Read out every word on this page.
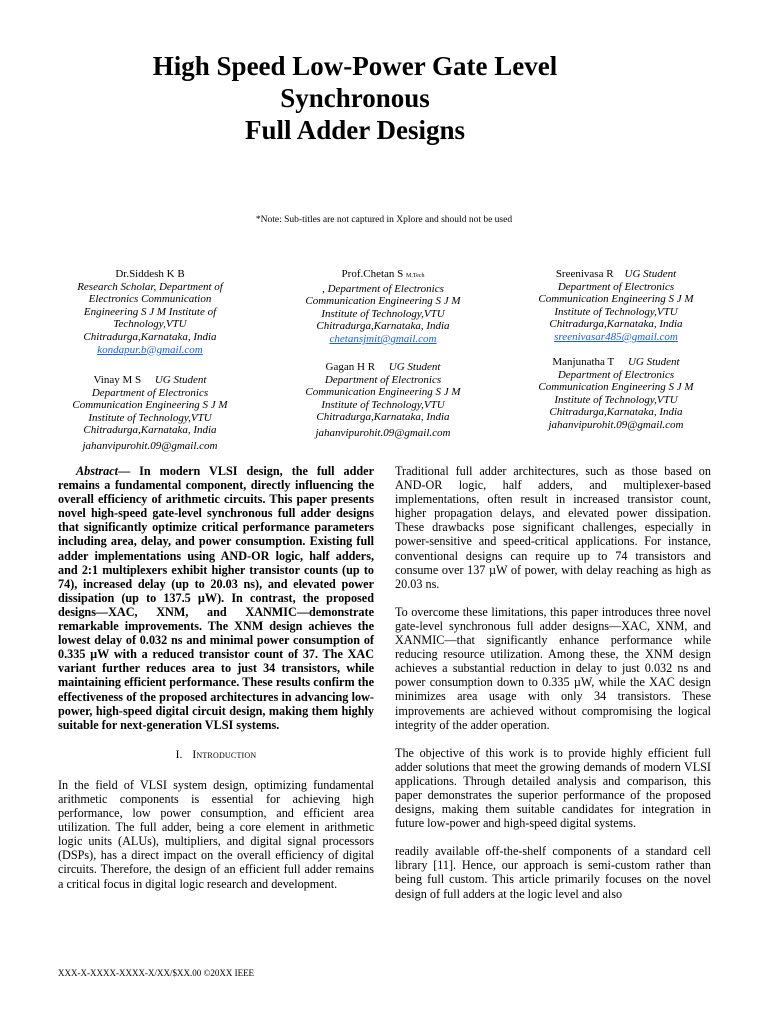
High Speed Low-Power Gate Level
Synchronous
Full Adder Designs
*Note: Sub-titles are not captured in Xplore and should not be used
Dr.Siddesh K B
Research Scholar, Department of
Electronics Communication
Engineering S J M Institute of
Technology,VTU
Chitradurga,Karnataka, India
kondapur.b@gmail.com
Prof.Chetan S M.Tech
, Department of Electronics
Communication Engineering S J M
Institute of Technology,VTU
Chitradurga,Karnataka, India
chetansjmit@gmail.com
Sreenivasa R UG Student
Department of Electronics
Communication Engineering S J M
Institute of Technology,VTU
Chitradurga,Karnataka, India
sreenivasar485@gmail.com
Vinay M S UG Student
Department of Electronics
Communication Engineering S J M
Institute of Technology,VTU
Chitradurga,Karnataka, India
jahanvipurohit.09@gmail.com
Gagan H R UG Student
Department of Electronics
Communication Engineering S J M
Institute of Technology,VTU
Chitradurga,Karnataka, India
jahanvipurohit.09@gmail.com
Manjunatha T UG Student
Department of Electronics
Communication Engineering S J M
Institute of Technology,VTU
Chitradurga,Karnataka, India
jahanvipurohit.09@gmail.com

Abstract— In modern VLSI design, the full adder remains a fundamental component, directly influencing the overall efficiency of arithmetic circuits. This paper presents novel high-speed gate-level synchronous full adder designs that significantly optimize critical performance parameters including area, delay, and power consumption. Existing full adder implementations using AND-OR logic, half adders, and 2:1 multiplexers exhibit higher transistor counts (up to 74), increased delay (up to 20.03 ns), and elevated power dissipation (up to 137.5 µW). In contrast, the proposed designs—XAC, XNM, and XANMIC—demonstrate remarkable improvements. The XNM design achieves the lowest delay of 0.032 ns and minimal power consumption of 0.335 µW with a reduced transistor count of 37. The XAC variant further reduces area to just 34 transistors, while maintaining efficient performance. These results confirm the effectiveness of the proposed architectures in advancing low-power, high-speed digital circuit design, making them highly suitable for next-generation VLSI systems.

I. Introduction

In the field of VLSI system design, optimizing fundamental arithmetic components is essential for achieving high performance, low power consumption, and efficient area utilization. The full adder, being a core element in arithmetic logic units (ALUs), multipliers, and digital signal processors (DSPs), has a direct impact on the overall efficiency of digital circuits. Therefore, the design of an efficient full adder remains a critical focus in digital logic research and development.

Traditional full adder architectures, such as those based on AND-OR logic, half adders, and multiplexer-based implementations, often result in increased transistor count, higher propagation delays, and elevated power dissipation. These drawbacks pose significant challenges, especially in power-sensitive and speed-critical applications. For instance, conventional designs can require up to 74 transistors and consume over 137 µW of power, with delay reaching as high as 20.03 ns.

To overcome these limitations, this paper introduces three novel gate-level synchronous full adder designs—XAC, XNM, and XANMIC—that significantly enhance performance while reducing resource utilization. Among these, the XNM design achieves a substantial reduction in delay to just 0.032 ns and power consumption down to 0.335 µW, while the XAC design minimizes area usage with only 34 transistors. These improvements are achieved without compromising the logical integrity of the adder operation.

The objective of this work is to provide highly efficient full adder solutions that meet the growing demands of modern VLSI applications. Through detailed analysis and comparison, this paper demonstrates the superior performance of the proposed designs, making them suitable candidates for integration in future low-power and high-speed digital systems.

readily available off-the-shelf components of a standard cell library [11]. Hence, our approach is semi-custom rather than being full custom. This article primarily focuses on the novel design of full adders at the logic level and also

XXX-X-XXXX-XXXX-X/XX/$XX.00 ©20XX IEEE
